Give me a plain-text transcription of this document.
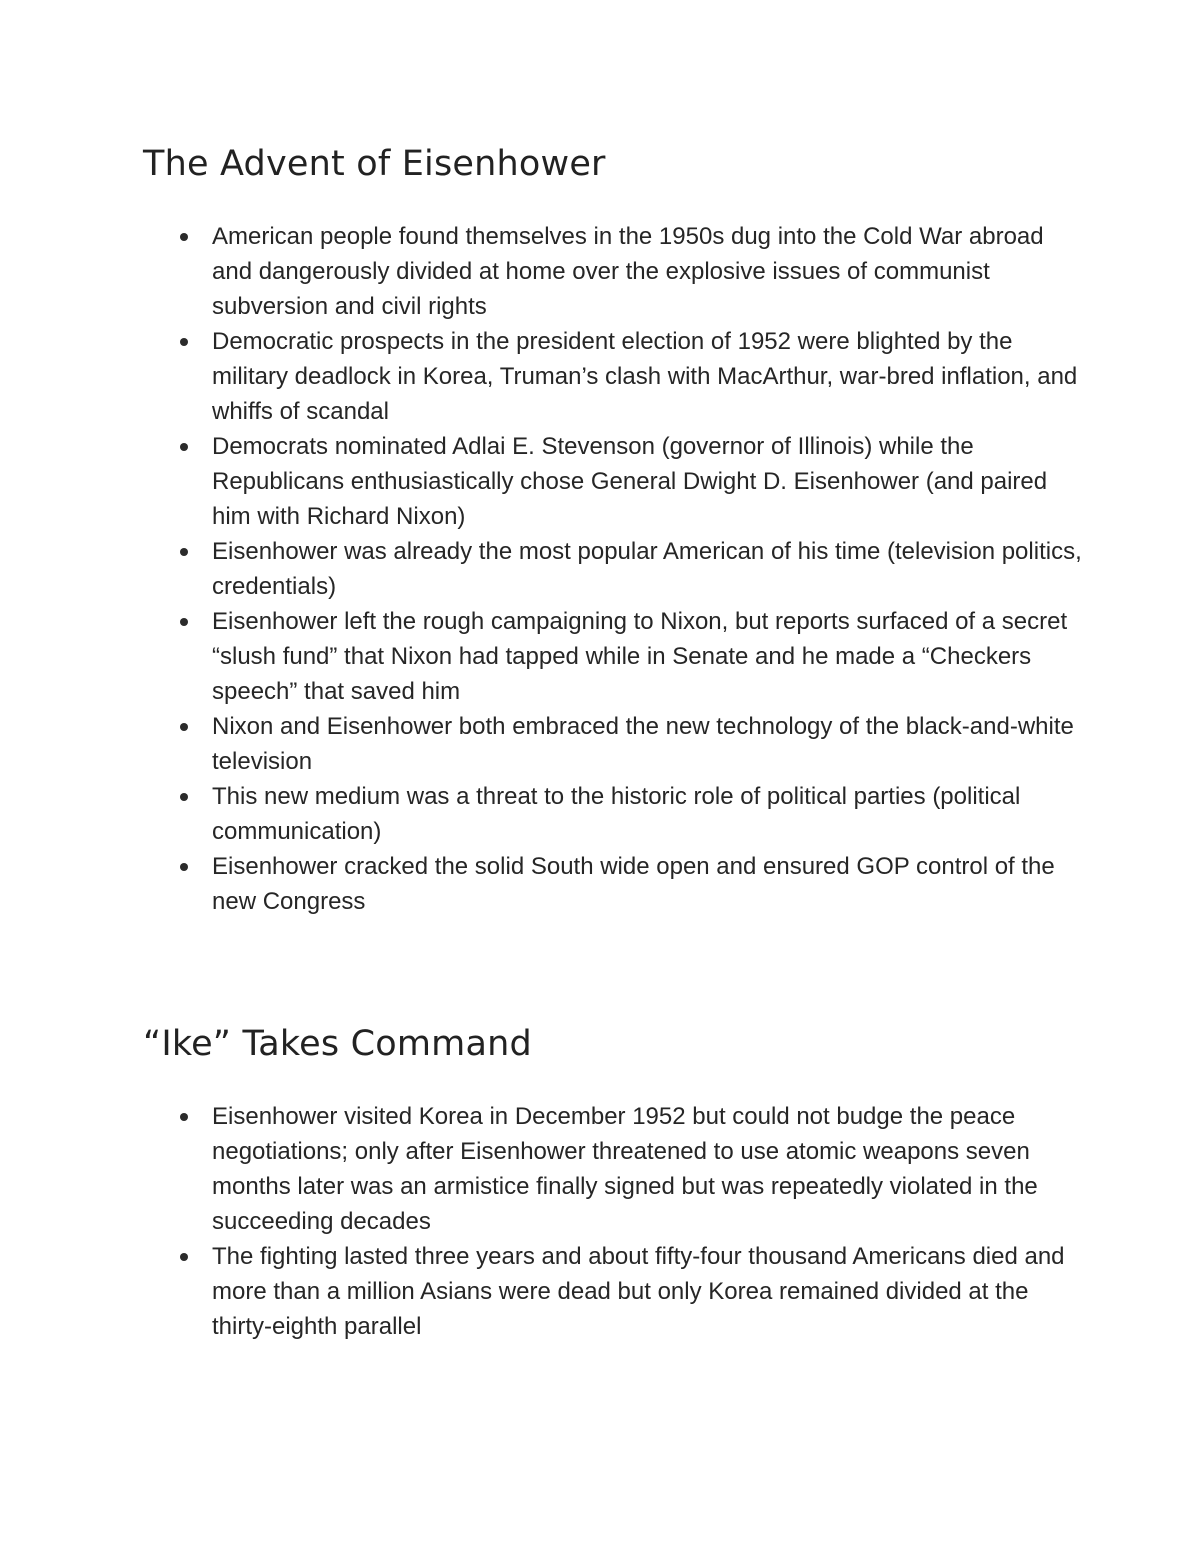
The Advent of Eisenhower
American people found themselves in the 1950s dug into the Cold War abroad and dangerously divided at home over the explosive issues of communist subversion and civil rights
Democratic prospects in the president election of 1952 were blighted by the military deadlock in Korea, Truman’s clash with MacArthur, war-bred inflation, and whiffs of scandal
Democrats nominated Adlai E. Stevenson (governor of Illinois) while the Republicans enthusiastically chose General Dwight D. Eisenhower (and paired him with Richard Nixon)
Eisenhower was already the most popular American of his time (television politics, credentials)
Eisenhower left the rough campaigning to Nixon, but reports surfaced of a secret “slush fund” that Nixon had tapped while in Senate and he made a “Checkers speech” that saved him
Nixon and Eisenhower both embraced the new technology of the black-and-white television
This new medium was a threat to the historic role of political parties (political communication)
Eisenhower cracked the solid South wide open and ensured GOP control of the new Congress
“Ike” Takes Command
Eisenhower visited Korea in December 1952 but could not budge the peace negotiations; only after Eisenhower threatened to use atomic weapons seven months later was an armistice finally signed but was repeatedly violated in the succeeding decades
The fighting lasted three years and about fifty-four thousand Americans died and more than a million Asians were dead but only Korea remained divided at the thirty-eighth parallel
